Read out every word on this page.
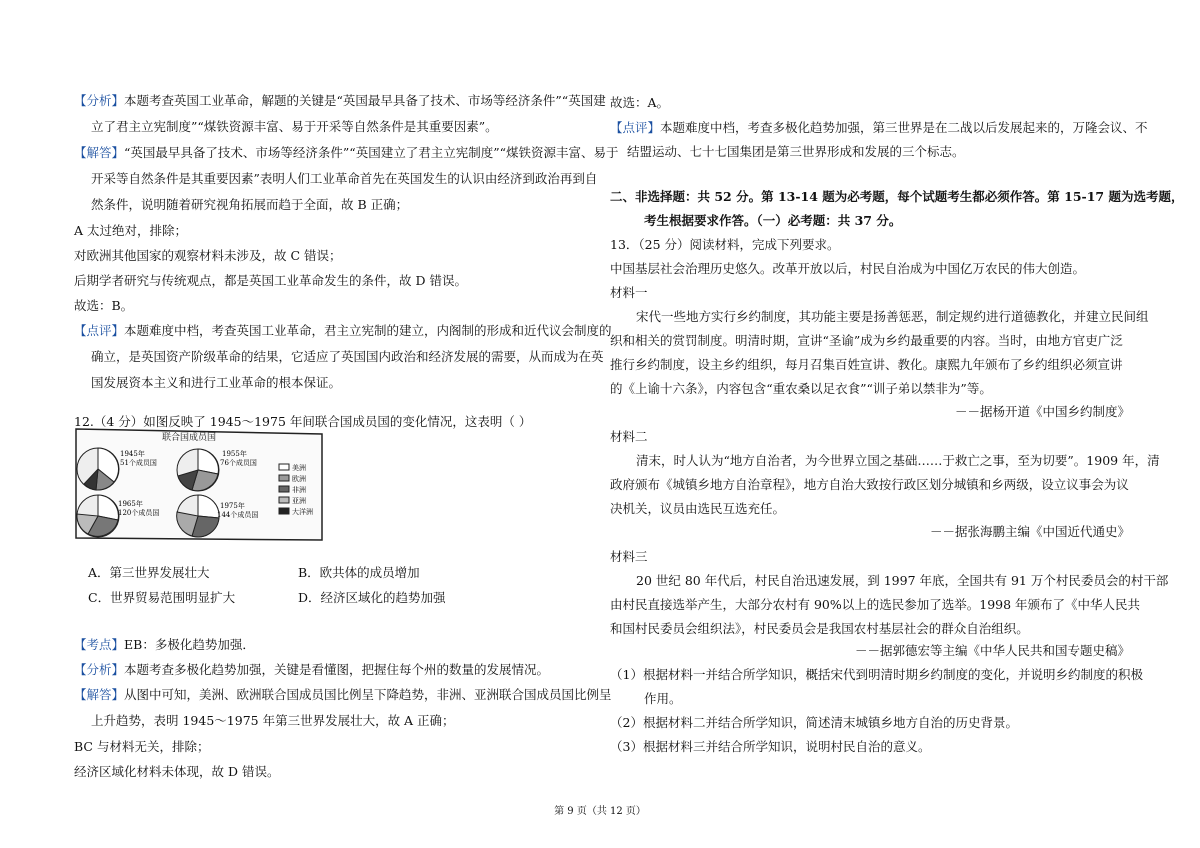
【分析】本题考查英国工业革命，解题的关键是“英国最早具备了技术、市场等经济条件”“英国建
立了君主立宪制度”“煤铁资源丰富、易于开采等自然条件是其重要因素”。
【解答】“英国最早具备了技术、市场等经济条件”“英国建立了君主立宪制度”“煤铁资源丰富、易于
开采等自然条件是其重要因素”表明人们工业革命首先在英国发生的认识由经济到政治再到自
然条件，说明随着研究视角拓展而趋于全面，故 B 正确；
A 太过绝对，排除；
对欧洲其他国家的观察材料未涉及，故 C 错误；
后期学者研究与传统观点，都是英国工业革命发生的条件，故 D 错误。
故选：B。
【点评】本题难度中档，考查英国工业革命，君主立宪制的建立，内阁制的形成和近代议会制度的
确立，是英国资产阶级革命的结果，它适应了英国国内政治和经济发展的需要，从而成为在英
国发展资本主义和进行工业革命的根本保证。
12.（4 分）如图反映了 1945～1975 年间联合国成员国的变化情况，这表明（ ）
A．第三世界发展壮大	B．欧共体的成员增加
C．世界贸易范围明显扩大	D．经济区域化的趋势加强
【考点】EB：多极化趋势加强．
【分析】本题考查多极化趋势加强，关键是看懂图，把握住每个州的数量的发展情况。
【解答】从图中可知，美洲、欧洲联合国成员国比例呈下降趋势，非洲、亚洲联合国成员国比例呈
上升趋势，表明 1945～1975 年第三世界发展壮大，故 A 正确；
BC 与材料无关，排除；
经济区域化材料未体现，故 D 错误。
联合国成员国
1945年
51个成员国
1955年
76个成员国
1965年
120个成员国
1975年
144个成员国
美洲
欧洲
非洲
亚洲
大洋洲
故选：A。
【点评】本题难度中档，考查多极化趋势加强，第三世界是在二战以后发展起来的，万隆会议、不
结盟运动、七十七国集团是第三世界形成和发展的三个标志。
二、非选择题：共 52 分。第 13-14 题为必考题，每个试题考生都必须作答。第 15-17 题为选考题，
考生根据要求作答。（一）必考题：共 37 分。
13．（25 分）阅读材料，完成下列要求。
中国基层社会治理历史悠久。改革开放以后，村民自治成为中国亿万农民的伟大创造。
材料一
宋代一些地方实行乡约制度，其功能主要是扬善惩恶，制定规约进行道德教化，并建立民间组
织和相关的赏罚制度。明清时期，宣讲“圣谕”成为乡约最重要的内容。当时，由地方官吏广泛
推行乡约制度，设主乡约组织，每月召集百姓宣讲、教化。康熙九年颁布了乡约组织必须宣讲
的《上谕十六条》，内容包含“重农桑以足衣食”“训子弟以禁非为”等。
－－据杨开道《中国乡约制度》
材料二
清末，时人认为“地方自治者，为今世界立国之基础……于救亡之事，至为切要”。1909 年，清
政府颁布《城镇乡地方自治章程》，地方自治大致按行政区划分城镇和乡两级，设立议事会为议
决机关，议员由选民互选充任。
－－据张海鹏主编《中国近代通史》
材料三
20 世纪 80 年代后，村民自治迅速发展，到 1997 年底，全国共有 91 万个村民委员会的村干部
由村民直接选举产生，大部分农村有 90%以上的选民参加了选举。1998 年颁布了《中华人民共
和国村民委员会组织法》，村民委员会是我国农村基层社会的群众自治组织。
－－据郭德宏等主编《中华人民共和国专题史稿》
（1）根据材料一并结合所学知识，概括宋代到明清时期乡约制度的变化，并说明乡约制度的积极
作用。
（2）根据材料二并结合所学知识，简述清末城镇乡地方自治的历史背景。
（3）根据材料三并结合所学知识，说明村民自治的意义。
第 9 页（共 12 页）
